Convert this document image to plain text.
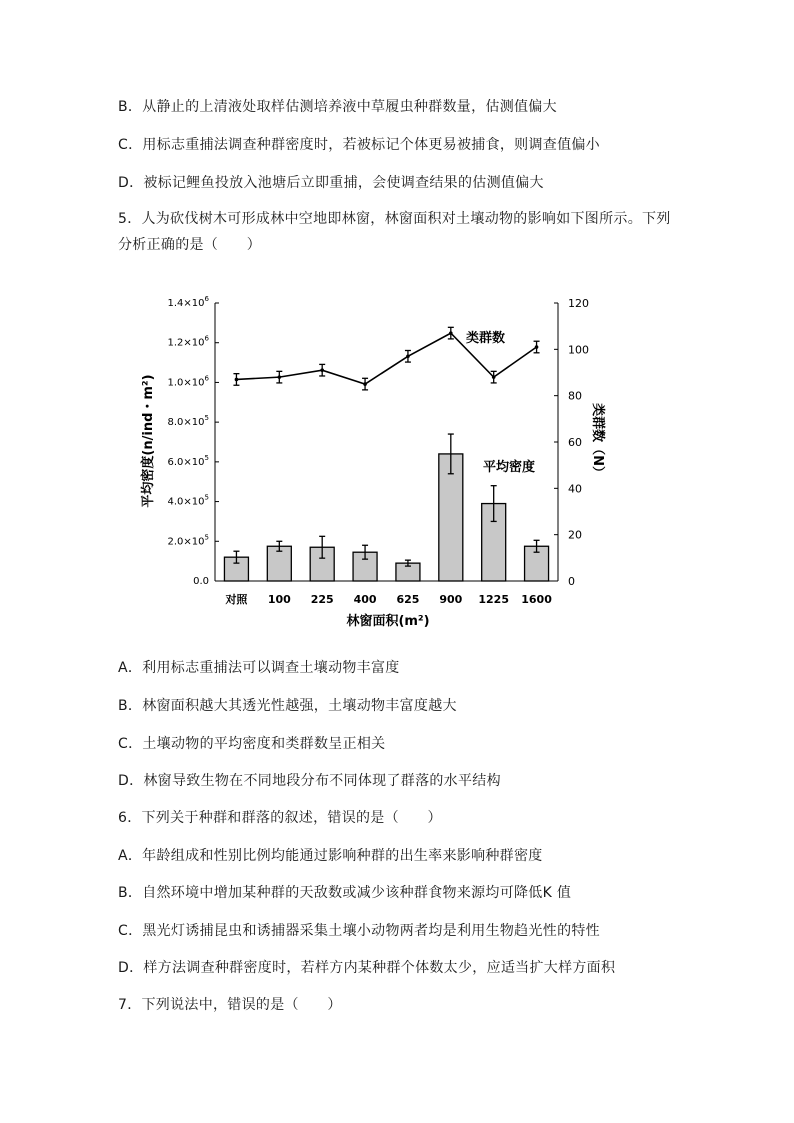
B．从静止的上清液处取样估测培养液中草履虫种群数量，估测值偏大

C．用标志重捕法调查种群密度时，若被标记个体更易被捕食，则调查值偏小

D．被标记鲤鱼投放入池塘后立即重捕，会使调查结果的估测值偏大

5．人为砍伐树木可形成林中空地即林窗，林窗面积对土壤动物的影响如下图所示。下列分析正确的是（　　）

0.0
$2.0\times 10^5$
$4.0\times 10^5$
$6.0\times 10^5$
$8.0\times 10^5$
$1.0\times 10^6$
$1.2\times 10^6$
$1.4\times 10^6$
0
20
40
60
80
100
120
对照 100 225 400 625 900 1225 1600
平均密度(n/ind・m²)	类群数（N）
林窗面积(m²)
类群数
平均密度

A．利用标志重捕法可以调查土壤动物丰富度

B．林窗面积越大其透光性越强，土壤动物丰富度越大

C．土壤动物的平均密度和类群数呈正相关

D．林窗导致生物在不同地段分布不同体现了群落的水平结构

6．下列关于种群和群落的叙述，错误的是（　　）

A．年龄组成和性别比例均能通过影响种群的出生率来影响种群密度

B．自然环境中增加某种群的天敌数或减少该种群食物来源均可降低K 值

C．黑光灯诱捕昆虫和诱捕器采集土壤小动物两者均是利用生物趋光性的特性

D．样方法调查种群密度时，若样方内某种群个体数太少，应适当扩大样方面积

7．下列说法中，错误的是（　　）
